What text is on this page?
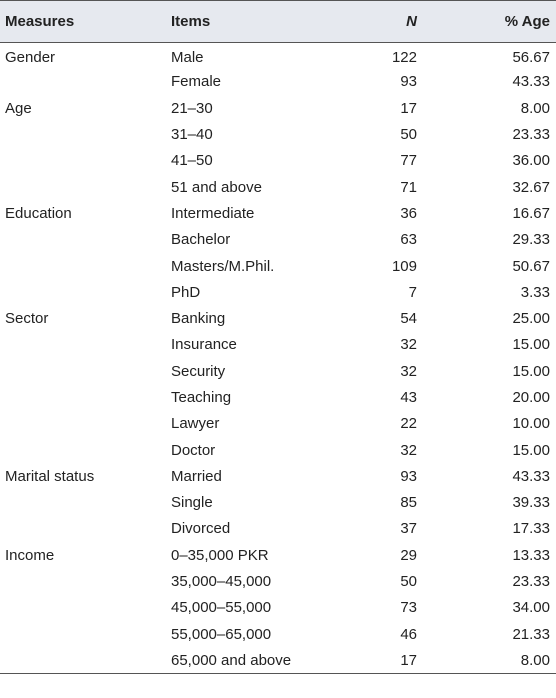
Measures	Items	N	% Age
Gender	Male	122	56.67
	Female	93	43.33
Age	21–30	17	8.00
	31–40	50	23.33
	41–50	77	36.00
	51 and above	71	32.67
Education	Intermediate	36	16.67
	Bachelor	63	29.33
	Masters/M.Phil.	109	50.67
	PhD	7	3.33
Sector	Banking	54	25.00
	Insurance	32	15.00
	Security	32	15.00
	Teaching	43	20.00
	Lawyer	22	10.00
	Doctor	32	15.00
Marital status	Married	93	43.33
	Single	85	39.33
	Divorced	37	17.33
Income	0–35,000 PKR	29	13.33
	35,000–45,000	50	23.33
	45,000–55,000	73	34.00
	55,000–65,000	46	21.33
	65,000 and above	17	8.00
